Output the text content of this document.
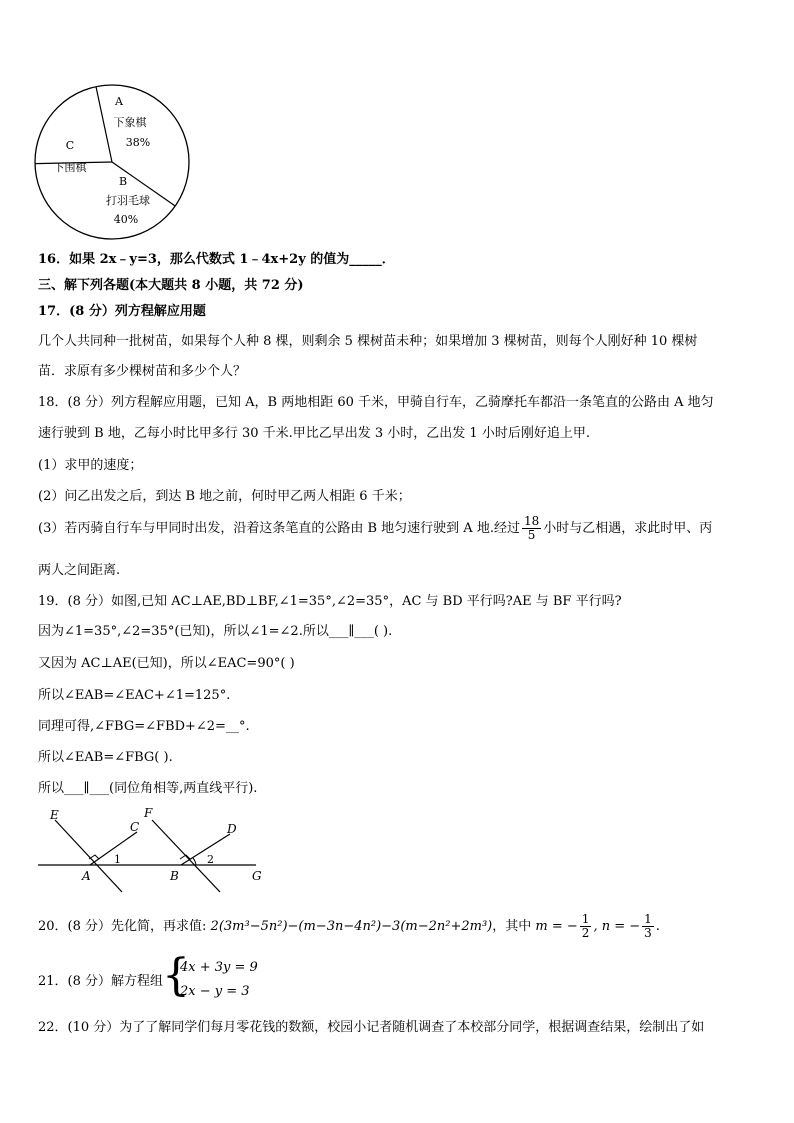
A
下象棋
38%
C
下围棋
B
打羽毛球
40%
16．如果 2x﹣y=3，那么代数式 1﹣4x+2y 的值为_____．
三、解下列各题(本大题共 8 小题，共 72 分)
17．(8 分）列方程解应用题
几个人共同种一批树苗，如果每个人种 8 棵，则剩余 5 棵树苗未种；如果增加 3 棵树苗，则每个人刚好种 10 棵树
苗．求原有多少棵树苗和多少个人？
18．(8 分）列方程解应用题，已知 A，B 两地相距 60 千米，甲骑自行车，乙骑摩托车都沿一条笔直的公路由 A 地匀
速行驶到 B 地，乙每小时比甲多行 30 千米.甲比乙早出发 3 小时，乙出发 1 小时后刚好追上甲.
(1）求甲的速度；
(2）问乙出发之后，到达 B 地之前，何时甲乙两人相距 6 千米；
(3）若丙骑自行车与甲同时出发，沿着这条笔直的公路由 B 地匀速行驶到 A 地.经过 $\frac{18}{5}$ 小时与乙相遇，求此时甲、丙
两人之间距离.
19．(8 分）如图,已知 AC⊥AE,BD⊥BF,∠1=35°,∠2=35°，AC 与 BD 平行吗?AE 与 BF 平行吗?
因为∠1=35°,∠2=35°(已知)，所以∠1=∠2.所以___∥___( ).
又因为 AC⊥AE(已知)，所以∠EAC=90°( )
所以∠EAB=∠EAC+∠1=125°.
同理可得,∠FBG=∠FBD+∠2=__°.
所以∠EAB=∠FBG( ).
所以___∥___(同位角相等,两直线平行).
E
C
F
D
A	B	G
1	2
20．(8 分）先化简，再求值: 2(3m³−5n²)−(m−3n−4n²)−3(m−2n²+2m³)，其中 m = − $\frac{1}{2}$ , n = − $\frac{1}{3}$ .
21．(8 分）解方程组
{
4x + 3y = 9
2x − y = 3
22．(10 分）为了了解同学们每月零花钱的数额，校园小记者随机调查了本校部分同学，根据调查结果，绘制出了如
